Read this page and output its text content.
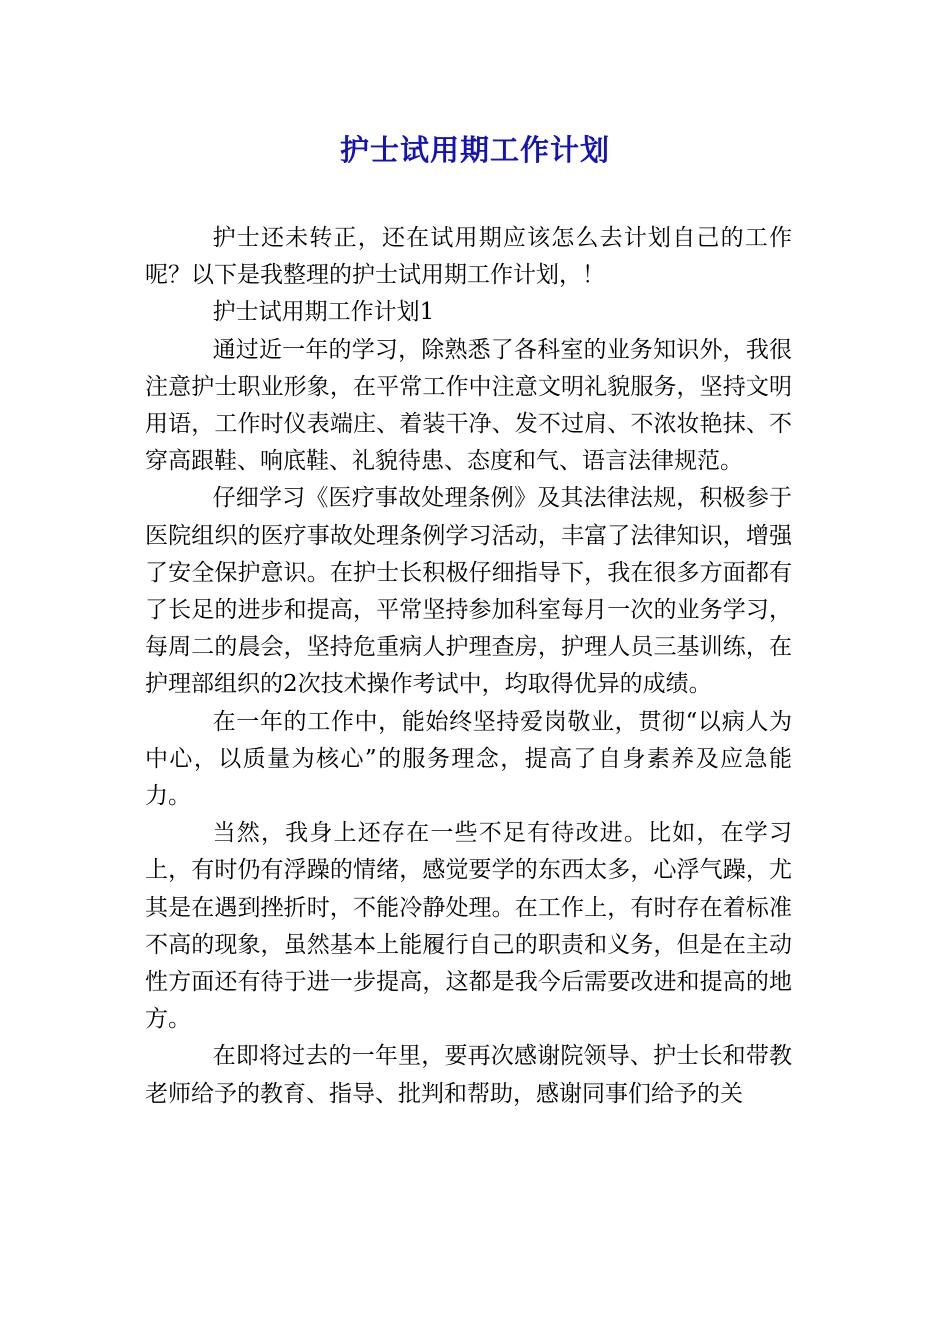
护士试用期工作计划

护士还未转正，还在试用期应该怎么去计划自己的工作呢？以下是我整理的护士试用期工作计划，！

护士试用期工作计划1

通过近一年的学习，除熟悉了各科室的业务知识外，我很注意护士职业形象，在平常工作中注意文明礼貌服务，坚持文明用语，工作时仪表端庄、着装干净、发不过肩、不浓妆艳抹、不穿高跟鞋、响底鞋、礼貌待患、态度和气、语言法律规范。

仔细学习《医疗事故处理条例》及其法律法规，积极参于医院组织的医疗事故处理条例学习活动，丰富了法律知识，增强了安全保护意识。在护士长积极仔细指导下，我在很多方面都有了长足的进步和提高，平常坚持参加科室每月一次的业务学习，每周二的晨会，坚持危重病人护理查房，护理人员三基训练，在护理部组织的2次技术操作考试中，均取得优异的成绩。

在一年的工作中，能始终坚持爱岗敬业，贯彻“以病人为中心，以质量为核心”的服务理念，提高了自身素养及应急能力。

当然，我身上还存在一些不足有待改进。比如，在学习上，有时仍有浮躁的情绪，感觉要学的东西太多，心浮气躁，尤其是在遇到挫折时，不能冷静处理。在工作上，有时存在着标准不高的现象，虽然基本上能履行自己的职责和义务，但是在主动性方面还有待于进一步提高，这都是我今后需要改进和提高的地方。

在即将过去的一年里，要再次感谢院领导、护士长和带教老师给予的教育、指导、批判和帮助，感谢同事们给予的关
